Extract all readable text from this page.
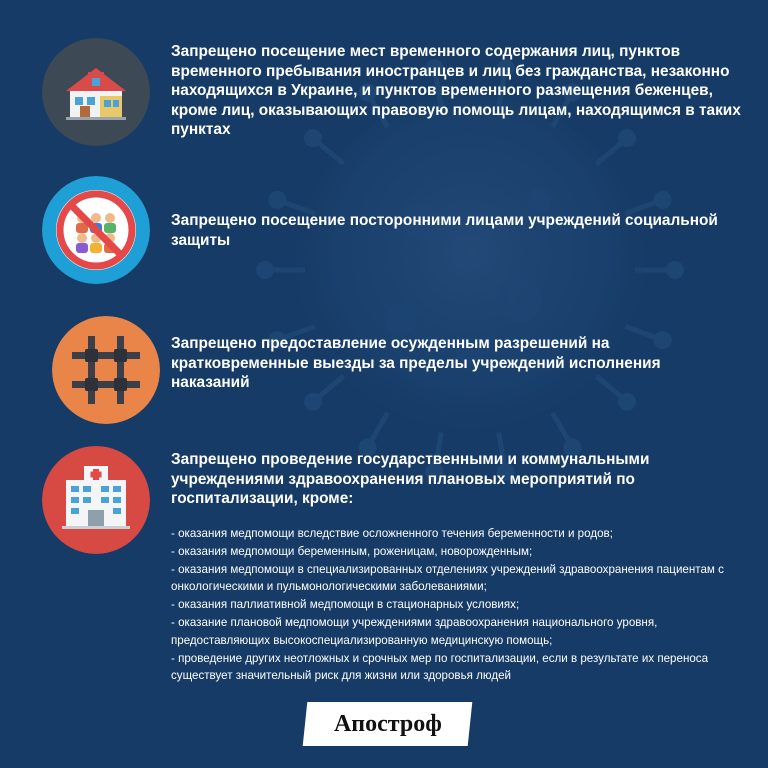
Запрещено посещение мест временного содержания лиц, пунктов временного пребывания иностранцев и лиц без гражданства, незаконно находящихся в Украине, и пунктов временного размещения беженцев, кроме лиц, оказывающих правовую помощь лицам, находящимся в таких пунктах
Запрещено посещение посторонними лицами учреждений социальной защиты
Запрещено предоставление осужденным разрешений на кратковременные выезды за пределы учреждений исполнения наказаний
Запрещено проведение государственными и коммунальными учреждениями здравоохранения плановых мероприятий по госпитализации, кроме:
- оказания медпомощи вследствие осложненного течения беременности и родов;
- оказания медпомощи беременным, роженицам, новорожденным;
- оказания медпомощи в специализированных отделениях учреждений здравоохранения пациентам с онкологическими и пульмонологическими заболеваниями;
- оказания паллиативной медпомощи в стационарных условиях;
- оказание плановой медпомощи учреждениями здравоохранения национального уровня, предоставляющих высокоспециализированную медицинскую помощь;
- проведение других неотложных и срочных мер по госпитализации, если в результате их переноса существует значительный риск для жизни или здоровья людей
Апостроф
